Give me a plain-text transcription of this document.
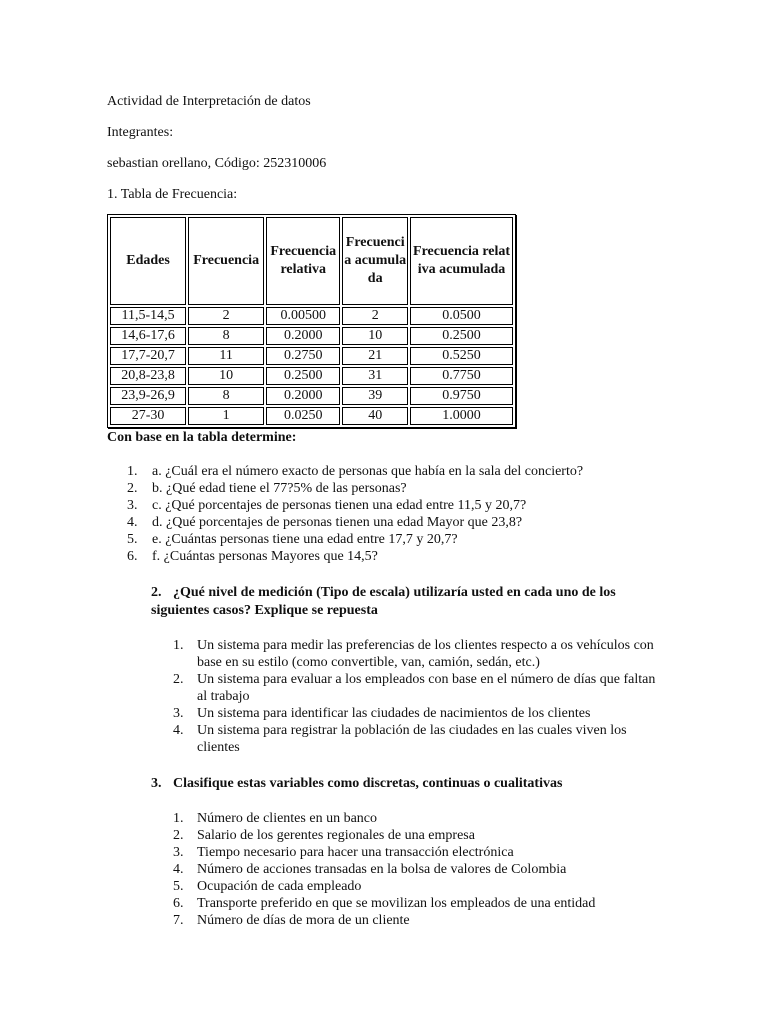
Actividad de Interpretación de datos
Integrantes:
sebastian orellano, Código: 252310006
1. Tabla de Frecuencia:
Edades	Frecuencia	Frecuencia relativa	Frecuencia acumulada	Frecuencia relativa acumulada
11,5-14,5	2	0.00500	2	0.0500
14,6-17,6	8	0.2000	10	0.2500
17,7-20,7	11	0.2750	21	0.5250
20,8-23,8	10	0.2500	31	0.7750
23,9-26,9	8	0.2000	39	0.9750
27-30	1	0.0250	40	1.0000
Con base en la tabla determine:
1. a. ¿Cuál era el número exacto de personas que había en la sala del concierto?
2. b. ¿Qué edad tiene el 77?5% de las personas?
3. c. ¿Qué porcentajes de personas tienen una edad entre 11,5 y 20,7?
4. d. ¿Qué porcentajes de personas tienen una edad Mayor que 23,8?
5. e. ¿Cuántas personas tiene una edad entre 17,7 y 20,7?
6. f. ¿Cuántas personas Mayores que 14,5?
2. ¿Qué nivel de medición (Tipo de escala) utilizaría usted en cada uno de los siguientes casos? Explique se repuesta
1. Un sistema para medir las preferencias de los clientes respecto a os vehículos con base en su estilo (como convertible, van, camión, sedán, etc.)
2. Un sistema para evaluar a los empleados con base en el número de días que faltan al trabajo
3. Un sistema para identificar las ciudades de nacimientos de los clientes
4. Un sistema para registrar la población de las ciudades en las cuales viven los clientes
3. Clasifique estas variables como discretas, continuas o cualitativas
1. Número de clientes en un banco
2. Salario de los gerentes regionales de una empresa
3. Tiempo necesario para hacer una transacción electrónica
4. Número de acciones transadas en la bolsa de valores de Colombia
5. Ocupación de cada empleado
6. Transporte preferido en que se movilizan los empleados de una entidad
7. Número de días de mora de un cliente
